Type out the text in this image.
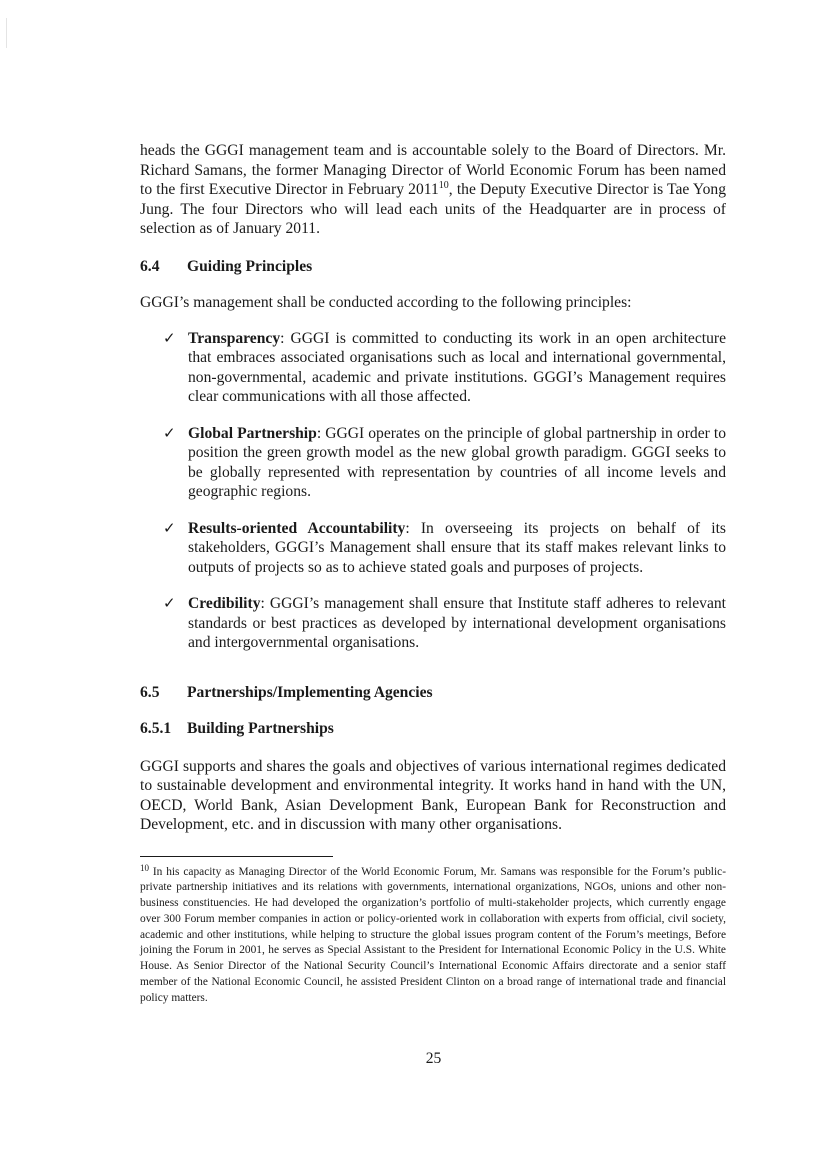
heads the GGGI management team and is accountable solely to the Board of Directors. Mr. Richard Samans, the former Managing Director of World Economic Forum has been named to the first Executive Director in February 2011$^{10}$, the Deputy Executive Director is Tae Yong Jung. The four Directors who will lead each units of the Headquarter are in process of selection as of January 2011.

6.4	Guiding Principles

GGGI’s management shall be conducted according to the following principles:

✓ Transparency: GGGI is committed to conducting its work in an open architecture that embraces associated organisations such as local and international governmental, non-governmental, academic and private institutions. GGGI’s Management requires clear communications with all those affected.
✓ Global Partnership: GGGI operates on the principle of global partnership in order to position the green growth model as the new global growth paradigm. GGGI seeks to be globally represented with representation by countries of all income levels and geographic regions.
✓ Results-oriented Accountability: In overseeing its projects on behalf of its stakeholders, GGGI’s Management shall ensure that its staff makes relevant links to outputs of projects so as to achieve stated goals and purposes of projects.
✓ Credibility: GGGI’s management shall ensure that Institute staff adheres to relevant standards or best practices as developed by international development organisations and intergovernmental organisations.
6.5	Partnerships/Implementing Agencies
6.5.1	Building Partnerships

GGGI supports and shares the goals and objectives of various international regimes dedicated to sustainable development and environmental integrity. It works hand in hand with the UN, OECD, World Bank, Asian Development Bank, European Bank for Reconstruction and Development, etc. and in discussion with many other organisations.

$^{10}$ In his capacity as Managing Director of the World Economic Forum, Mr. Samans was responsible for the Forum’s public-private partnership initiatives and its relations with governments, international organizations, NGOs, unions and other non-business constituencies. He had developed the organization’s portfolio of multi-stakeholder projects, which currently engage over 300 Forum member companies in action or policy-oriented work in collaboration with experts from official, civil society, academic and other institutions, while helping to structure the global issues program content of the Forum’s meetings, Before joining the Forum in 2001, he serves as Special Assistant to the President for International Economic Policy in the U.S. White House. As Senior Director of the National Security Council’s International Economic Affairs directorate and a senior staff member of the National Economic Council, he assisted President Clinton on a broad range of international trade and financial policy matters.

25
